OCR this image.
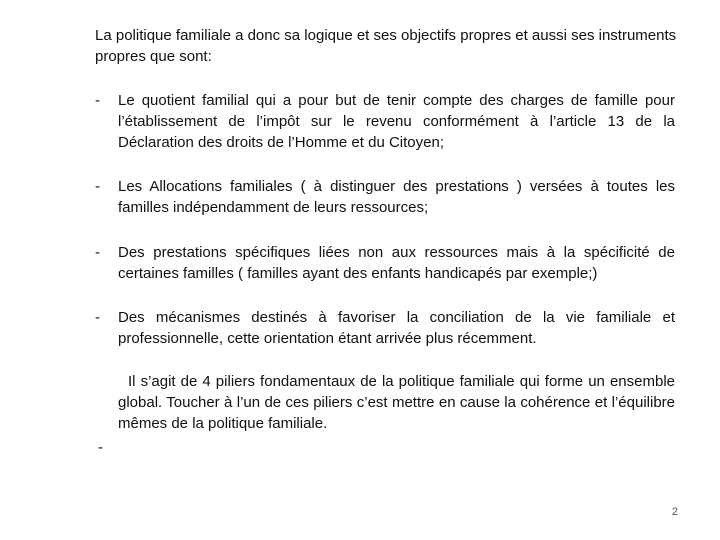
La politique familiale a donc sa logique et ses objectifs propres et aussi ses instruments propres que sont:

-	Le quotient familial qui a pour but de tenir compte des charges de famille pour l’établissement de l’impôt sur le revenu conformément à l’article 13 de la Déclaration des droits de l’Homme et du Citoyen;
-	Les Allocations familiales ( à distinguer des prestations ) versées à toutes les familles indépendamment de leurs ressources;
-	Des prestations spécifiques liées non aux ressources mais à la spécificité de certaines familles ( familles ayant des enfants handicapés par exemple;)
-	Des mécanismes destinés à favoriser la conciliation de la vie familiale et professionnelle, cette orientation étant arrivée plus récemment.

Il s’agit de 4 piliers fondamentaux de la politique familiale qui forme un ensemble global. Toucher à l’un de ces piliers c’est mettre en cause la cohérence et l’équilibre mêmes de la politique familiale.

-
2
